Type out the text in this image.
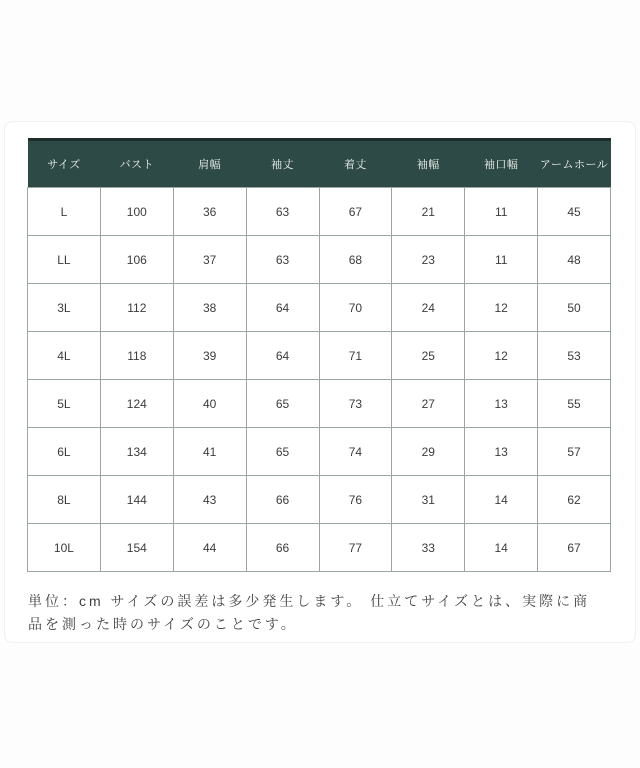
サイズ	バスト	肩幅	袖丈	着丈	袖幅	袖口幅	アームホール
L	100	36	63	67	21	11	45
LL	106	37	63	68	23	11	48
3L	112	38	64	70	24	12	50
4L	118	39	64	71	25	12	53
5L	124	40	65	73	27	13	55
6L	134	41	65	74	29	13	57
8L	144	43	66	76	31	14	62
10L	154	44	66	77	33	14	67

単位：cm サイズの誤差は多少発生します。 仕立てサイズとは、実際に商品を測った時のサイズのことです。
